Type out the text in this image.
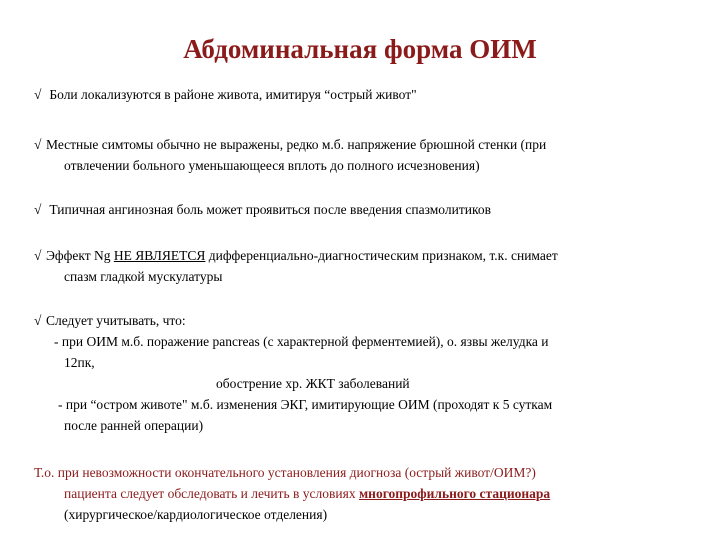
Абдоминальная форма ОИМ
√ Боли локализуются в районе живота, имитируя “острый живот"
√ Местные симтомы обычно не выражены, редко м.б. напряжение брюшной стенки (при
отвлечении больного уменьшающееся вплоть до полного исчезновения)
√ Типичная ангинозная боль может проявиться после введения спазмолитиков
√ Эффект Ng НЕ ЯВЛЯЕТСЯ дифференциально-диагностическим признаком, т.к. снимает
спазм гладкой мускулатуры
√ Следует учитывать, что:
- при ОИМ м.б. поражение pancreas (с характерной ферментемией), о. язвы желудка и
12пк,
обострение хр. ЖКТ заболеваний
- при “остром животе" м.б. изменения ЭКГ, имитирующие ОИМ (проходят к 5 суткам
после ранней операции)
Т.о. при невозможности окончательного установления диогноза (острый живот/ОИМ?)
пациента следует обследовать и лечить в условиях многопрофильного стационара
(хирургическое/кардиологическое отделения)
